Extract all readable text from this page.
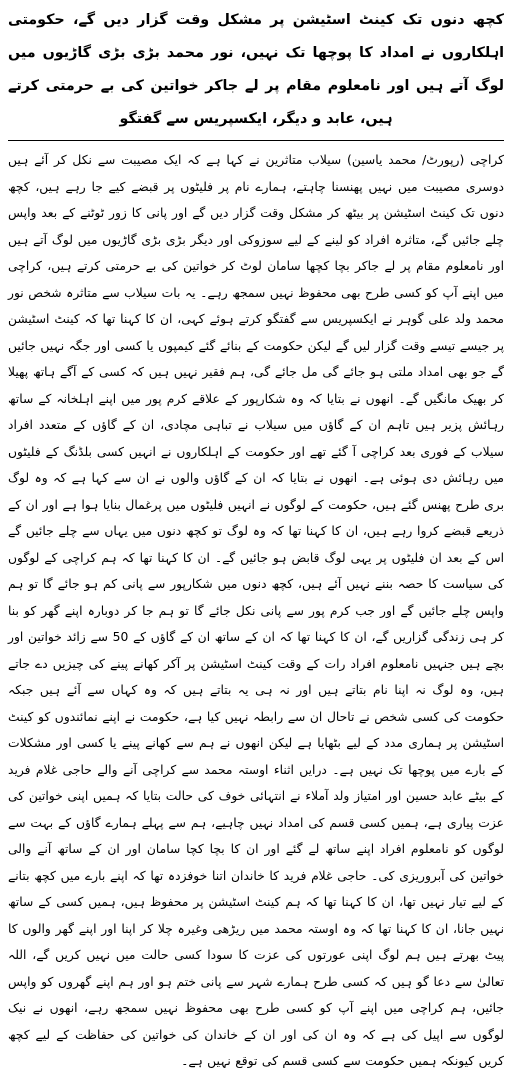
کچھ دنوں تک کینٹ اسٹیشن پر مشکل وقت گزار دیں گے، حکومتی اہلکاروں نے امداد کا پوچھا تک نہیں، نور محمد بڑی بڑی گاڑیوں میں لوگ آتے ہیں اور نامعلوم مقام پر لے جاکر خواتین کی بے حرمتی کرتے ہیں، عابد و دیگر، ایکسپریس سے گفتگو

کراچی (رپورٹ/ محمد یاسین) سیلاب متاثرین نے کہا ہے کہ ایک مصیبت سے نکل کر آئے ہیں دوسری مصیبت میں نہیں پھنسنا چاہتے، ہمارے نام پر فلیٹوں پر قبضے کیے جا رہے ہیں، کچھ دنوں تک کینٹ اسٹیشن پر بیٹھ کر مشکل وقت گزار دیں گے اور پانی کا زور ٹوٹنے کے بعد واپس چلے جائیں گے، متاثرہ افراد کو لینے کے لیے سوزوکی اور دیگر بڑی بڑی گاڑیوں میں لوگ آتے ہیں اور نامعلوم مقام پر لے جاکر بچا کچھا سامان لوٹ کر خواتین کی بے حرمتی کرتے ہیں، کراچی میں اپنے آپ کو کسی طرح بھی محفوظ نہیں سمجھ رہے۔ یہ بات سیلاب سے متاثرہ شخص نور محمد ولد علی گوہر نے ایکسپریس سے گفتگو کرتے ہوئے کہی، ان کا کہنا تھا کہ کینٹ اسٹیشن پر جیسے تیسے وقت گزار لیں گے لیکن حکومت کے بنائے گئے کیمپوں یا کسی اور جگہ نہیں جائیں گے جو بھی امداد ملتی ہو جائے گی مل جائے گی، ہم فقیر نہیں ہیں کہ کسی کے آگے ہاتھ پھیلا کر بھیک مانگیں گے۔ انھوں نے بتایا کہ وہ شکارپور کے علاقے کرم پور میں اپنے اہلخانہ کے ساتھ رہائش پزیر ہیں تاہم ان کے گاؤں میں سیلاب نے تباہی مچادی، ان کے گاؤں کے متعدد افراد سیلاب کے فوری بعد کراچی آ گئے تھے اور حکومت کے اہلکاروں نے انہیں کسی بلڈنگ کے فلیٹوں میں رہائش دی ہوئی ہے۔ انھوں نے بتایا کہ ان کے گاؤں والوں نے ان سے کہا ہے کہ وہ لوگ بری طرح پھنس گئے ہیں، حکومت کے لوگوں نے انہیں فلیٹوں میں پرغمال بنایا ہوا ہے اور ان کے ذریعے قبضے کروا رہے ہیں، ان کا کہنا تھا کہ وہ لوگ تو کچھ دنوں میں یہاں سے چلے جائیں گے اس کے بعد ان فلیٹوں پر یہی لوگ قابض ہو جائیں گے۔ ان کا کہنا تھا کہ ہم کراچی کے لوگوں کی سیاست کا حصہ بننے نہیں آئے ہیں، کچھ دنوں میں شکارپور سے پانی کم ہو جائے گا تو ہم واپس چلے جائیں گے اور جب کرم پور سے پانی نکل جائے گا تو ہم جا کر دوبارہ اپنے گھر کو بنا کر ہی زندگی گزاریں گے، ان کا کہنا تھا کہ ان کے ساتھ ان کے گاؤں کے 50 سے زائد خواتین اور بچے ہیں جنہیں نامعلوم افراد رات کے وقت کینٹ اسٹیشن پر آکر کھانے پینے کی چیزیں دے جاتے ہیں، وہ لوگ نہ اپنا نام بتاتے ہیں اور نہ ہی یہ بتاتے ہیں کہ وہ کہاں سے آئے ہیں جبکہ حکومت کی کسی شخص نے تاحال ان سے رابطہ نہیں کیا ہے، حکومت نے اپنے نمائندوں کو کینٹ اسٹیشن پر ہماری مدد کے لیے بٹھایا ہے لیکن انھوں نے ہم سے کھانے پینے یا کسی اور مشکلات کے بارے میں پوچھا تک نہیں ہے۔ درایں اثناء اوستہ محمد سے کراچی آنے والے حاجی غلام فرید کے بیٹے عابد حسین اور امتیاز ولد آملاء نے انتہائی خوف کی حالت بتایا کہ ہمیں اپنی خواتین کی عزت پیاری ہے، ہمیں کسی قسم کی امداد نہیں چاہیے، ہم سے پہلے ہمارے گاؤں کے بہت سے لوگوں کو نامعلوم افراد اپنے ساتھ لے گئے اور ان کا بچا کچا سامان اور ان کے ساتھ آنے والی خواتین کی آبروریزی کی۔ حاجی غلام فرید کا خاندان اتنا خوفزدہ تھا کہ اپنے بارے میں کچھ بتانے کے لیے تیار نہیں تھا، ان کا کہنا تھا کہ ہم کینٹ اسٹیشن پر محفوظ ہیں، ہمیں کسی کے ساتھ نہیں جانا، ان کا کہنا تھا کہ وہ اوستہ محمد میں ریڑھی وغیرہ چلا کر اپنا اور اپنے گھر والوں کا پیٹ بھرتے ہیں ہم لوگ اپنی عورتوں کی عزت کا سودا کسی حالت میں نہیں کریں گے، اللہ تعالیٰ سے دعا گو ہیں کہ کسی طرح ہمارے شہر سے پانی ختم ہو اور ہم اپنے گھروں کو واپس جائیں، ہم کراچی میں اپنے آپ کو کسی طرح بھی محفوظ نہیں سمجھ رہے، انھوں نے نیک لوگوں سے اپیل کی ہے کہ وہ ان کی اور ان کے خاندان کی خواتین کی حفاظت کے لیے کچھ کریں کیونکہ ہمیں حکومت سے کسی قسم کی توقع نہیں ہے۔
